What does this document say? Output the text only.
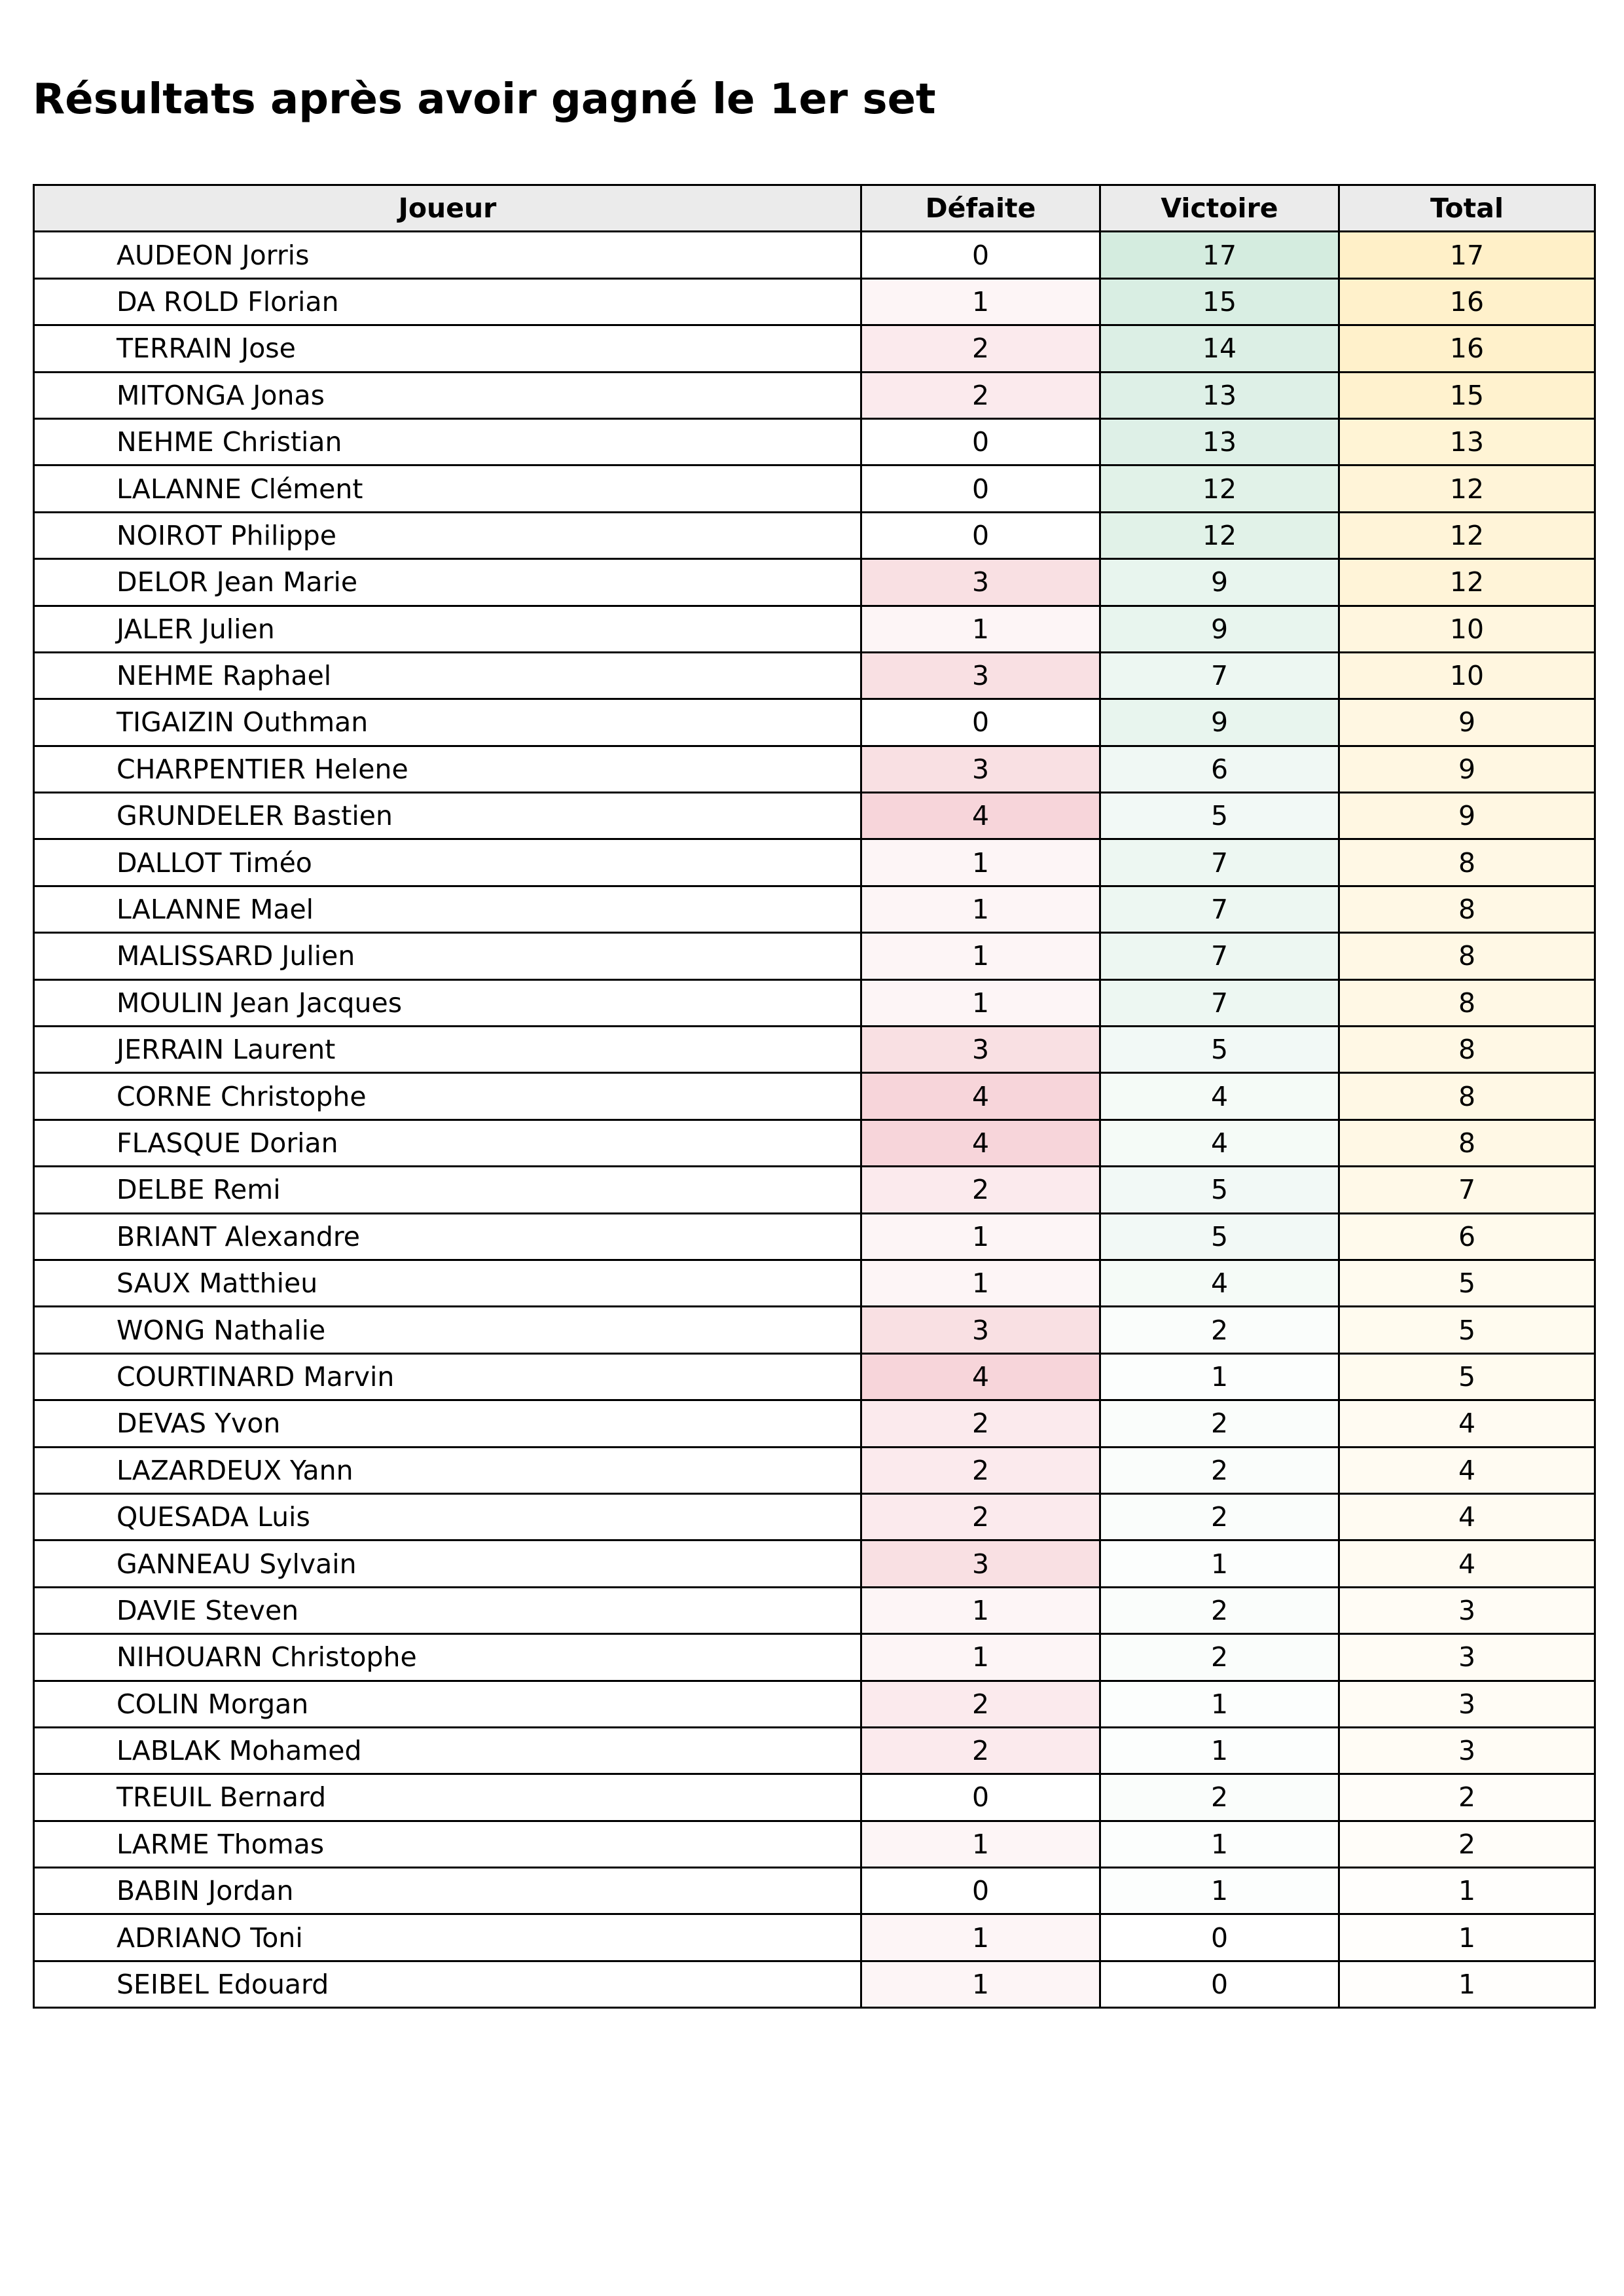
Résultats après avoir gagné le 1er set
Joueur	Défaite	Victoire	Total
AUDEON Jorris	0	17	17
DA ROLD Florian	1	15	16
TERRAIN Jose	2	14	16
MITONGA Jonas	2	13	15
NEHME Christian	0	13	13
LALANNE Clément	0	12	12
NOIROT Philippe	0	12	12
DELOR Jean Marie	3	9	12
JALER Julien	1	9	10
NEHME Raphael	3	7	10
TIGAIZIN Outhman	0	9	9
CHARPENTIER Helene	3	6	9
GRUNDELER Bastien	4	5	9
DALLOT Timéo	1	7	8
LALANNE Mael	1	7	8
MALISSARD Julien	1	7	8
MOULIN Jean Jacques	1	7	8
JERRAIN Laurent	3	5	8
CORNE Christophe	4	4	8
FLASQUE Dorian	4	4	8
DELBE Remi	2	5	7
BRIANT Alexandre	1	5	6
SAUX Matthieu	1	4	5
WONG Nathalie	3	2	5
COURTINARD Marvin	4	1	5
DEVAS Yvon	2	2	4
LAZARDEUX Yann	2	2	4
QUESADA Luis	2	2	4
GANNEAU Sylvain	3	1	4
DAVIE Steven	1	2	3
NIHOUARN Christophe	1	2	3
COLIN Morgan	2	1	3
LABLAK Mohamed	2	1	3
TREUIL Bernard	0	2	2
LARME Thomas	1	1	2
BABIN Jordan	0	1	1
ADRIANO Toni	1	0	1
SEIBEL Edouard	1	0	1
